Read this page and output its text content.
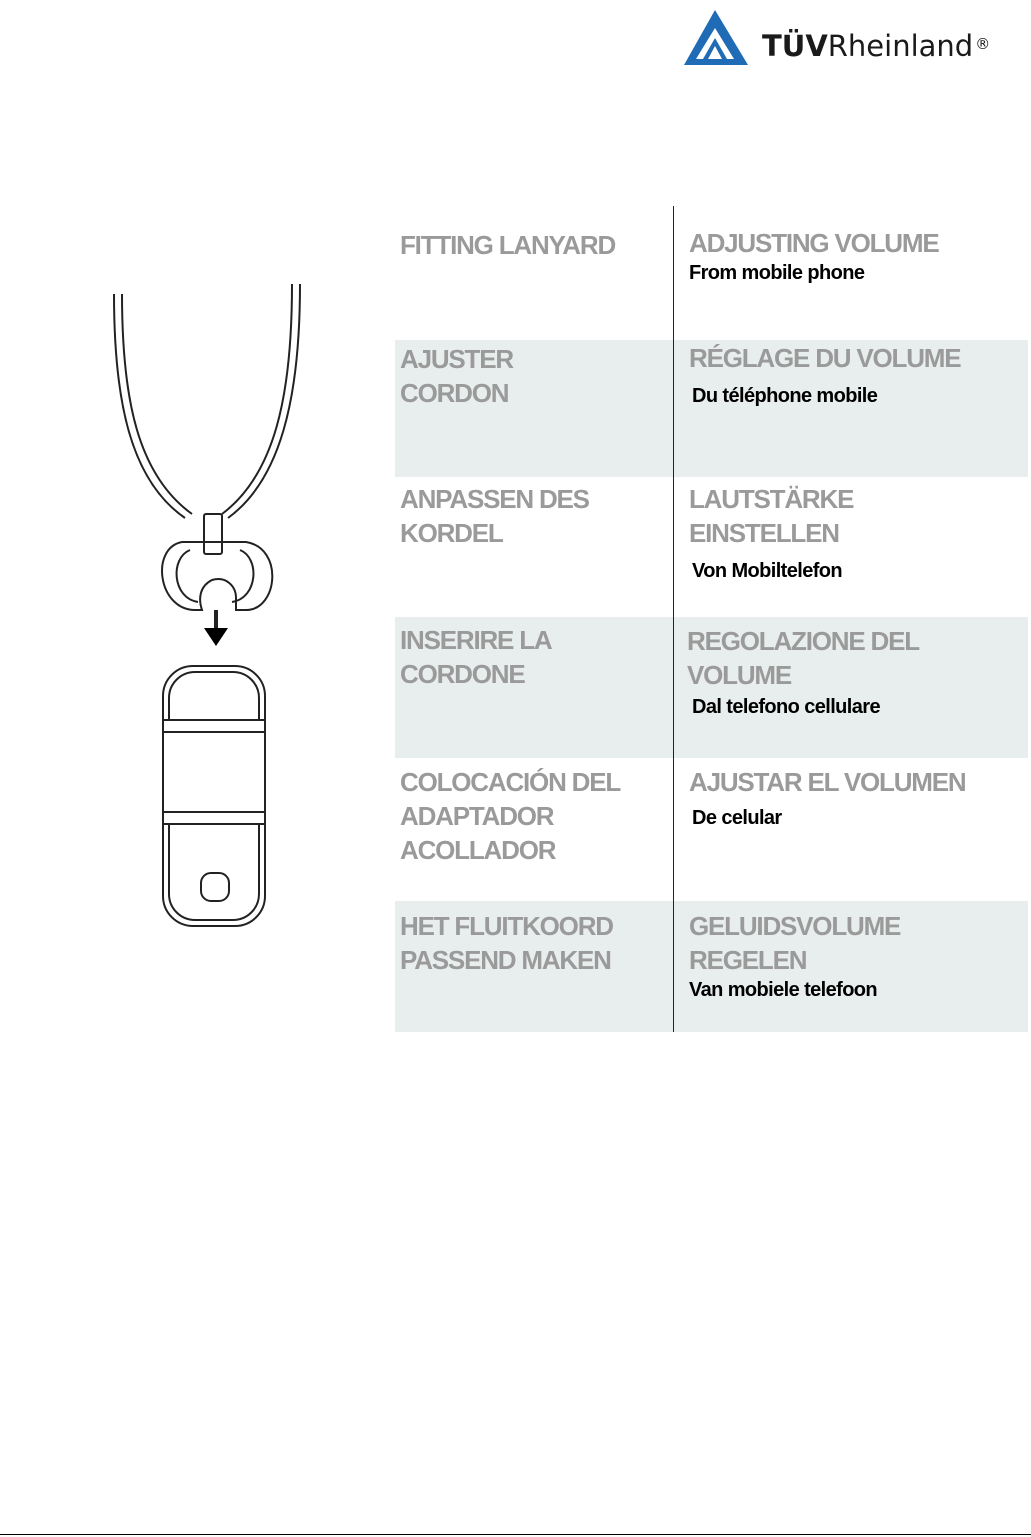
TÜVRheinland ®

FITTING LANYARD	ADJUSTING VOLUME

From mobile phone

AJUSTER
CORDON

RÉGLAGE DU VOLUME

Du téléphone mobile

ANPASSEN DES
KORDEL

LAUTSTÄRKE
EINSTELLEN

Von Mobiltelefon

INSERIRE LA
CORDONE

REGOLAZIONE DEL
VOLUME

Dal telefono cellulare

COLOCACIÓN DEL
ADAPTADOR
ACOLLADOR

AJUSTAR EL VOLUMEN

De celular

HET FLUITKOORD
PASSEND MAKEN

GELUIDSVOLUME
REGELEN

Van mobiele telefoon
